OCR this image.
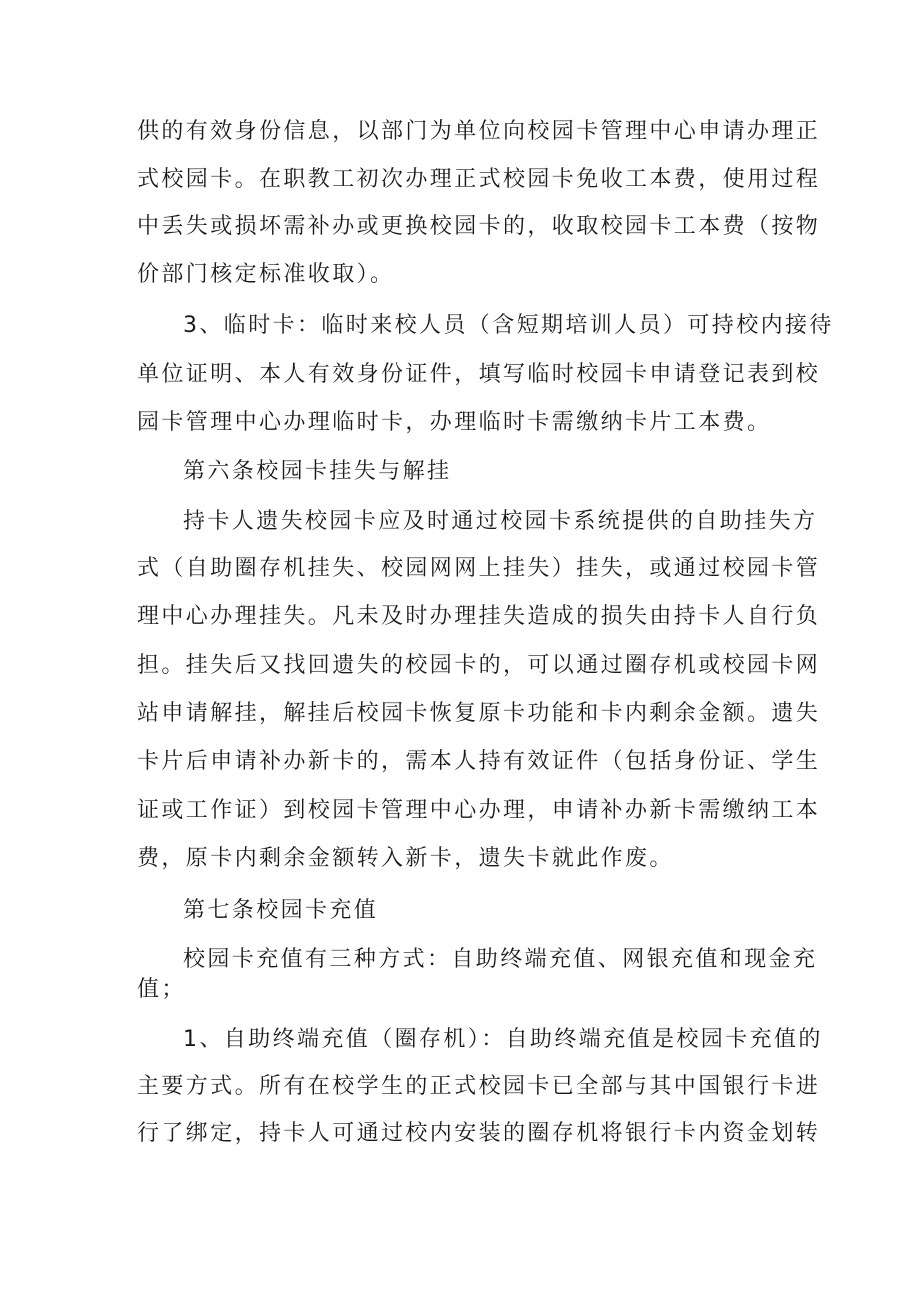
供的有效身份信息，以部门为单位向校园卡管理中心申请办理正
式校园卡。在职教工初次办理正式校园卡免收工本费，使用过程
中丢失或损坏需补办或更换校园卡的，收取校园卡工本费（按物
价部门核定标准收取）。
3、临时卡：临时来校人员（含短期培训人员）可持校内接待
单位证明、本人有效身份证件，填写临时校园卡申请登记表到校
园卡管理中心办理临时卡，办理临时卡需缴纳卡片工本费。
第六条校园卡挂失与解挂
持卡人遗失校园卡应及时通过校园卡系统提供的自助挂失方
式（自助圈存机挂失、校园网网上挂失）挂失，或通过校园卡管
理中心办理挂失。凡未及时办理挂失造成的损失由持卡人自行负
担。挂失后又找回遗失的校园卡的，可以通过圈存机或校园卡网
站申请解挂，解挂后校园卡恢复原卡功能和卡内剩余金额。遗失
卡片后申请补办新卡的，需本人持有效证件（包括身份证、学生
证或工作证）到校园卡管理中心办理，申请补办新卡需缴纳工本
费，原卡内剩余金额转入新卡，遗失卡就此作废。
第七条校园卡充值
校园卡充值有三种方式：自助终端充值、网银充值和现金充
值；
1、自助终端充值（圈存机）：自助终端充值是校园卡充值的
主要方式。所有在校学生的正式校园卡已全部与其中国银行卡进
行了绑定，持卡人可通过校内安装的圈存机将银行卡内资金划转
